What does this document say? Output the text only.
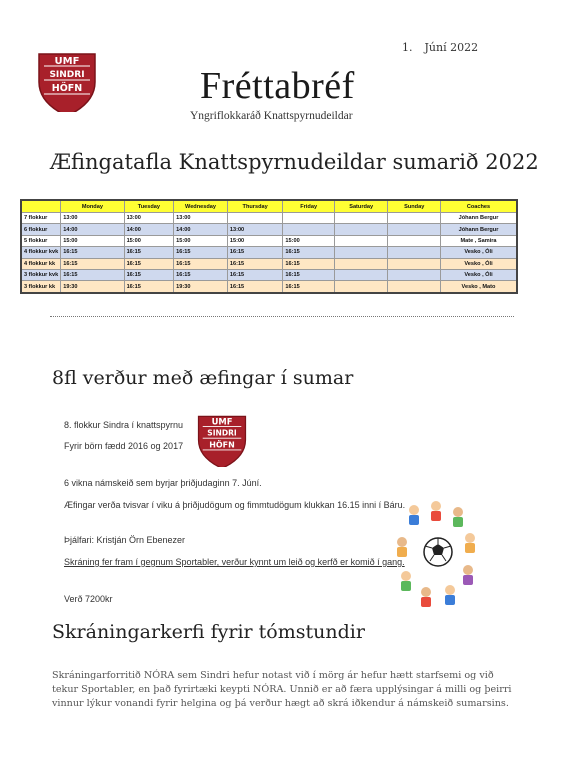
UMF
SINDRI
HÖFN
1. Júní 2022
Fréttabréf
Yngriflokkaráð Knattspyrnudeildar
Æfingatafla Knattspyrnudeildar sumarið 2022
	Monday	Tuesday	Wednesday	Thursday	Friday	Saturday	Sunday	Coaches
7 flokkur	13:00	13:00	13:00					Jóhann Bergur
6 flokkur	14:00	14:00	14:00	13:00				Jóhann Bergur
5 flokkur	15:00	15:00	15:00	15:00	15:00			Mate , Samira
4 flokkur kvk	16:15	16:15	16:15	16:15	16:15			Vesko , Óli
4 flokkur kk	16:15	16:15	16:15	16:15	16:15			Vesko , Óli
3 flokkur kvk	16:15	16:15	16:15	16:15	16:15			Vesko , Óli
3 flokkur kk	19:30	16:15	19:30	16:15	16:15			Vesko , Mato
8fl verður með æfingar í sumar
8. flokkur Sindra í knattspyrnu
Fyrir börn fædd 2016 og 2017
UMF
SINDRI
HÖFN
6 vikna námskeið sem byrjar þriðjudaginn 7. Júní.
Æfingar verða tvisvar í viku á þriðjudögum og fimmtudögum klukkan 16.15 inni í Báru.
Þjálfari: Kristján Örn Ebenezer
Skráning fer fram í gegnum Sportabler, verður kynnt um leið og kerfð er komið í gang.
Verð 7200kr
Skráningarkerfi fyrir tómstundir
Skráningarforritið NÓRA sem Sindri hefur notast við í mörg ár hefur hætt starfsemi og við tekur Sportabler, en það fyrirtæki keypti NÓRA. Unnið er að færa upplýsingar á milli og þeirri vinnur lýkur vonandi fyrir helgina og þá verður hægt að skrá iðkendur á námskeið sumarsins.
